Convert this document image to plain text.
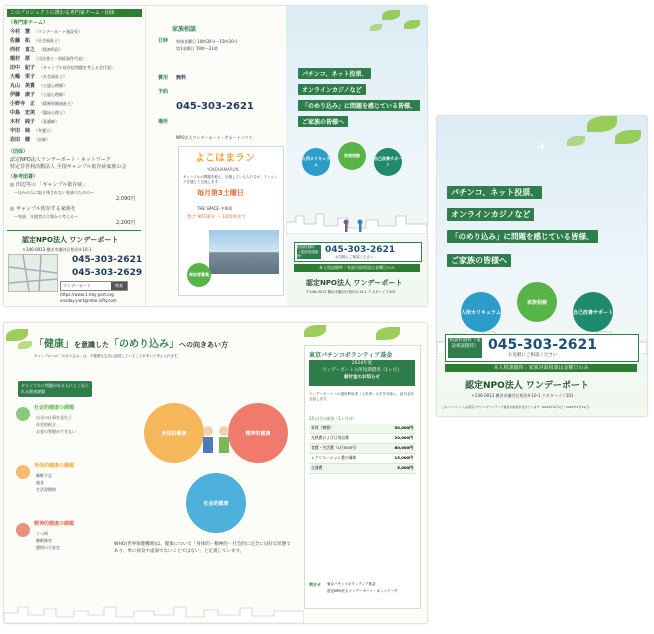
このプロジェクトに携わる専門家チーム・団体
（専門家チーム）
今村　慧 （ワンデーポート施設長）
佐藤　拓 （社会福祉士）
西村　直之 （精神科医）
稲村　厚 （司法書士・相続案件代表）
田中　紀子 （ギャンブル依存症問題を考える会代表）
大嶋　栄子 （社会福祉士）
丸山　美貴 （公認心理師）
伊藤　康子 （公認心理師）
小野寺　正 （精神保健福祉士）
中島　宏美 （臨床心理士）
木村　純子 （看護師）
宇田　純 （弁護士）
岩田　健 （医師）
（団体）
認定NPO法人ワンデーポート・ネットワーク
特定非営利活動法人 全国ギャンブル依存症家族の会
（参考図書）
◎ 田辺等の 「ギャンブル依存症」
〜ほかの人に取り残されない家族のための〜
2,090円
◎ ギャンブル依存する家族を
〜家族、支援者の立場から考える〜
2,200円
認定NPO法人 ワンデーポート
〒246-0013 横浜市瀬谷区相沢4-10-1
045-303-2621
045-303-2629
ワンデーポート	検索
https://www.1-day-port.org
oneday-port@mbe.nifty.com
家族相談
日時 毎週金曜日 10時30分〜15時30分
第1金曜日 19時〜21時
費用 無料
予約
045-303-2621
場所
NPO法人ワンデーポート・サポートハウス
よこはまラン
YOKOHAMARUN
ギャンブルの問題を抱え、回復している人たちが、ランニングを通じて交流します
毎月第3土曜日
THE SPACE 中華街
集合 9時30分 〜 11時頃まで
参加者募集
パチンコ、ネット投票、
オンラインカジノなど
「のめり込み」に問題を感じている皆様、
ご家族の皆様へ
入所カリキュラム
家族相談
自己改善サポート
相談料無料（電話相談随時）
045-303-2621
お気軽にご相談ください
本人相談随時｜家族対面相談は金曜日のみ
認定NPO法人 ワンデーポート
〒246-0013 横浜市瀬谷区相沢4-10-1 クボタハイツ101
「健康」を意識した「のめり込み」への向きあい方
ギャンブルへの「のめり込み」は、不健康な生活に起因していることが多いと考えられます。
ギャンブルに問題がある人によく見られる健康課題
社会的健康の課題
自分の仕事を見失う
社会的孤立
お金の管理ができない
身体的健康の課題
睡眠不足
過食
生活習慣病
精神的健康の課題
うつ病
睡眠障害
感情の不安定
身体的健康	精神的健康
社会的健康
WHO(世界保健機関)は、健康について「身体的・精神的・社会的に完全に良好な状態であり、単に病気や虚弱でないことではない」と定義しています。
東京パチンコボランティア基金
2024年度
ワンデーポート入所短期費用（1ヶ月）
給付金のお知らせ
ワンデーポートへの通所利用者（入所者）の方を対象に、給付金を支給します。
15万円の使途（1ヶ月分）
家賃（寮費）	50,000円
光熱費および日用品費	20,000円
食費・生活費（1日500円）	60,000円
レクリエーション費の補助	15,000円
交通費	5,000円
問合せ 東京パチンコボランティア基金
認定NPO法人ワンデーポート・ネットワーク
✈
パチンコ、ネット投票、
オンラインカジノなど
「のめり込み」に問題を感じている皆様、
ご家族の皆様へ
入所カリキュラム
家族相談
自己改善サポート
相談料無料（電話相談随時） 045-303-2621
お気軽にご相談ください
本人相談随時｜家族対面相談は金曜日のみ
認定NPO法人 ワンデーポート
〒246-0013 横浜市瀬谷区相沢4-10-1 クボタハイツ101
このパンフレットは東京パチンコボランティア基金の助成を受けています（2024年4月1日〜2025年3月31日）
